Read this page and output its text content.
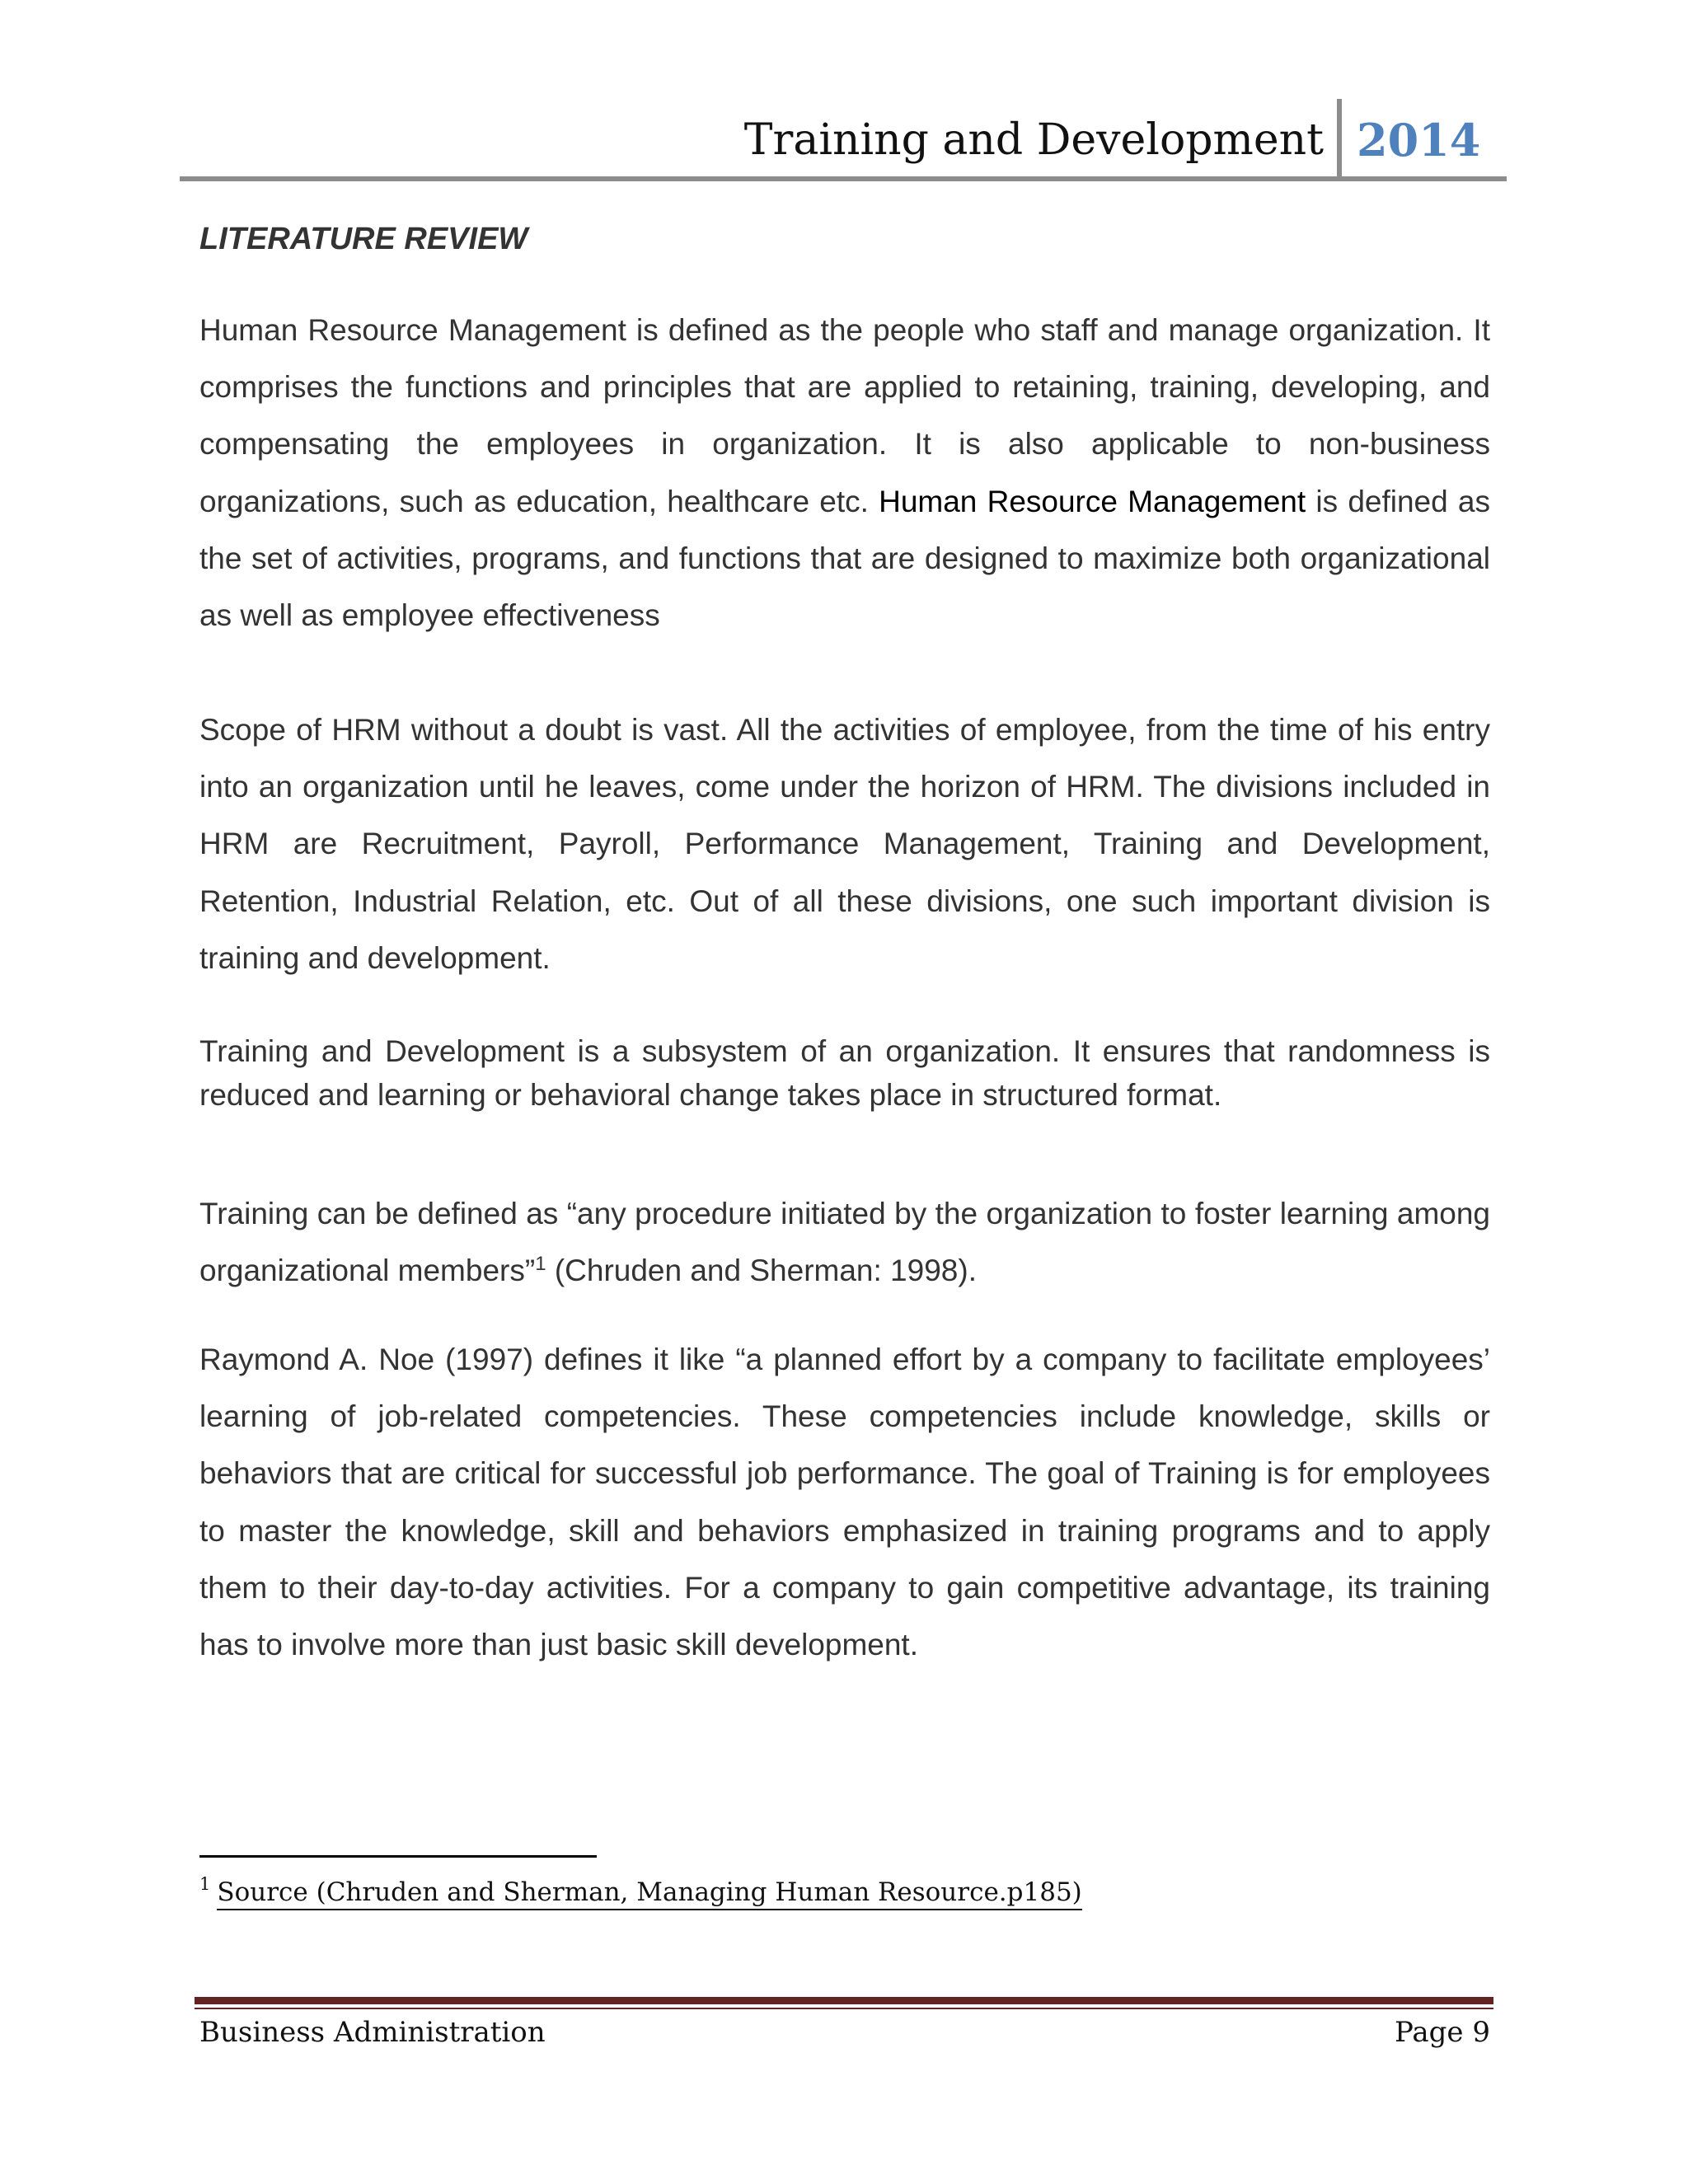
Training and Development 2014
LITERATURE REVIEW

Human Resource Management is defined as the people who staff and manage organization. It comprises the functions and principles that are applied to retaining, training, developing, and compensating the employees in organization. It is also applicable to non-business organizations, such as education, healthcare etc. Human Resource Management is defined as the set of activities, programs, and functions that are designed to maximize both organizational as well as employee effectiveness

Scope of HRM without a doubt is vast. All the activities of employee, from the time of his entry into an organization until he leaves, come under the horizon of HRM. The divisions included in HRM are Recruitment, Payroll, Performance Management, Training and Development, Retention, Industrial Relation, etc. Out of all these divisions, one such important division is training and development.

Training and Development is a subsystem of an organization. It ensures that randomness is reduced and learning or behavioral change takes place in structured format.

Training can be defined as “any procedure initiated by the organization to foster learning among organizational members”$^1$ (Chruden and Sherman: 1998).

Raymond A. Noe (1997) defines it like “a planned effort by a company to facilitate employees’ learning of job-related competencies. These competencies include knowledge, skills or behaviors that are critical for successful job performance. The goal of Training is for employees to master the knowledge, skill and behaviors emphasized in training programs and to apply them to their day-to-day activities. For a company to gain competitive advantage, its training has to involve more than just basic skill development.

$^1$ Source (Chruden and Sherman, Managing Human Resource.p185)
Business Administration	Page 9
